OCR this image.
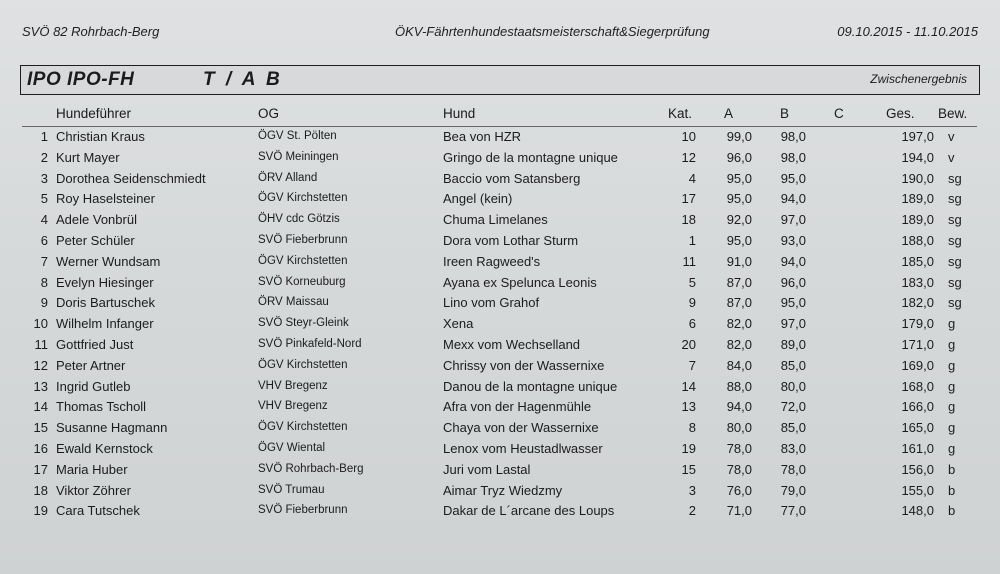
SVÖ 82 Rohrbach-Berg	ÖKV-Fährtenhundestaatsmeisterschaft&Siegerprüfung	09.10.2015 - 11.10.2015
IPO IPO-FH	T / A B	Zwischenergebnis
Hundeführer	OG	Hund	Kat. A	B	C	Ges. Bew.
1 Christian Kraus	ÖGV St. Pölten	Bea von HZR	10	99,0	98,0	197,0 v
2 Kurt Mayer	SVÖ Meiningen	Gringo de la montagne unique	12	96,0	98,0	194,0 v
3 Dorothea Seidenschmiedt	ÖRV Alland	Baccio vom Satansberg	4	95,0	95,0	190,0 sg
5 Roy Haselsteiner	ÖGV Kirchstetten	Angel (kein)	17	95,0	94,0	189,0 sg
4 Adele Vonbrül	ÖHV cdc Götzis	Chuma Limelanes	18	92,0	97,0	189,0 sg
6 Peter Schüler	SVÖ Fieberbrunn	Dora vom Lothar Sturm	1	95,0	93,0	188,0 sg
7 Werner Wundsam	ÖGV Kirchstetten	Ireen Ragweed's	11	91,0	94,0	185,0 sg
8 Evelyn Hiesinger	SVÖ Korneuburg	Ayana ex Spelunca Leonis	5	87,0	96,0	183,0 sg
9 Doris Bartuschek	ÖRV Maissau	Lino vom Grahof	9	87,0	95,0	182,0 sg
10 Wilhelm Infanger	SVÖ Steyr-Gleink	Xena	6	82,0	97,0	179,0 g
11 Gottfried Just	SVÖ Pinkafeld-Nord	Mexx vom Wechselland	20	82,0	89,0	171,0 g
12 Peter Artner	ÖGV Kirchstetten	Chrissy von der Wassernixe	7	84,0	85,0	169,0 g
13 Ingrid Gutleb	VHV Bregenz	Danou de la montagne unique	14	88,0	80,0	168,0 g
14 Thomas Tscholl	VHV Bregenz	Afra von der Hagenmühle	13	94,0	72,0	166,0 g
15 Susanne Hagmann	ÖGV Kirchstetten	Chaya von der Wassernixe	8	80,0	85,0	165,0 g
16 Ewald Kernstock	ÖGV Wiental	Lenox vom Heustadlwasser	19	78,0	83,0	161,0 g
17 Maria Huber	SVÖ Rohrbach-Berg	Juri vom Lastal	15	78,0	78,0	156,0 b
18 Viktor Zöhrer	SVÖ Trumau	Aimar Tryz Wiedzmy	3	76,0	79,0	155,0 b
19 Cara Tutschek	SVÖ Fieberbrunn	Dakar de L´arcane des Loups	2	71,0	77,0	148,0 b
